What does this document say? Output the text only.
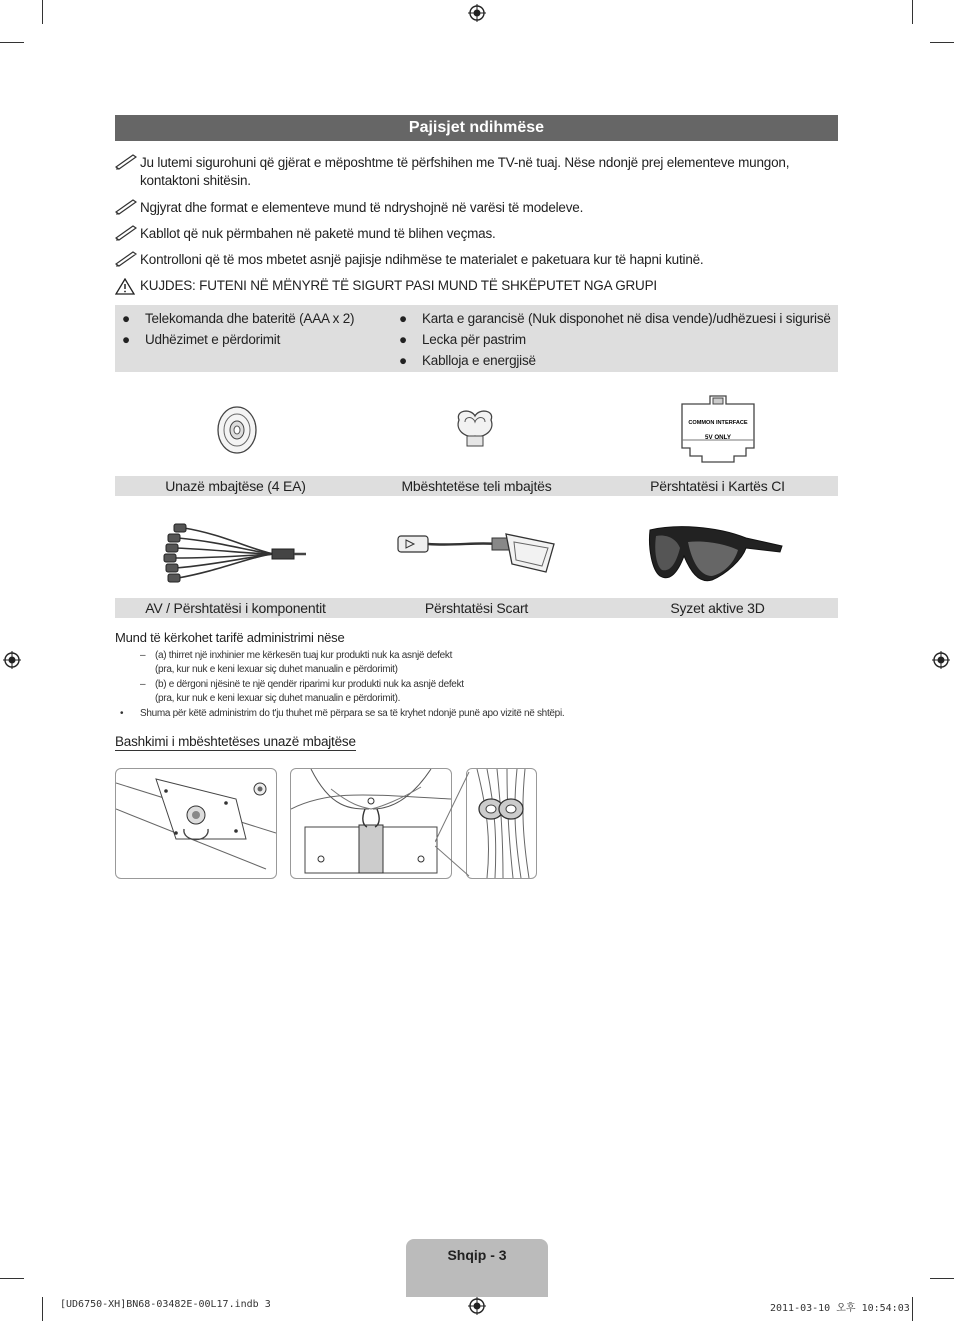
Pajisjet ndihmëse
Ju lutemi sigurohuni që gjërat e mëposhtme të përfshihen me TV-në tuaj. Nëse ndonjë prej elementeve mungon,
kontaktoni shitësin.
Ngjyrat dhe format e elementeve mund të ndryshojnë në varësi të modeleve.
Kabllot që nuk përmbahen në paketë mund të blihen veçmas.
Kontrolloni që të mos mbetet asnjë pajisje ndihmëse te materialet e paketuara kur të hapni kutinë.
KUJDES: FUTENI NË MËNYRË TË SIGURT PASI MUND TË SHKËPUTET NGA GRUPI
● Telekomanda dhe bateritë (AAA x 2)
● Udhëzimet e përdorimit
● Karta e garancisë (Nuk disponohet në disa vende)/udhëzuesi i sigurisë
● Lecka për pastrim
● Kablloja e energjisë
COMMON INTERFACE
5V ONLY
Unazë mbajtëse (4 EA)	Mbështetëse teli mbajtës	Përshtatësi i Kartës CI
AV / Përshtatësi i komponentit	Përshtatësi Scart	Syzet aktive 3D
Mund të kërkohet tarifë administrimi nëse
– (a) thirret një inxhinier me kërkesën tuaj kur produkti nuk ka asnjë defekt
(pra, kur nuk e keni lexuar siç duhet manualin e përdorimit)
– (b) e dërgoni njësinë te një qendër riparimi kur produkti nuk ka asnjë defekt
(pra, kur nuk e keni lexuar siç duhet manualin e përdorimit).
• Shuma për këtë administrim do t'ju thuhet më përpara se sa të kryhet ndonjë punë apo vizitë në shtëpi.
Bashkimi i mbështetëses unazë mbajtëse
Shqip - 3
[UD6750-XH]BN68-03482E-00L17.indb 3	2011-03-10 오후 10:54:03
